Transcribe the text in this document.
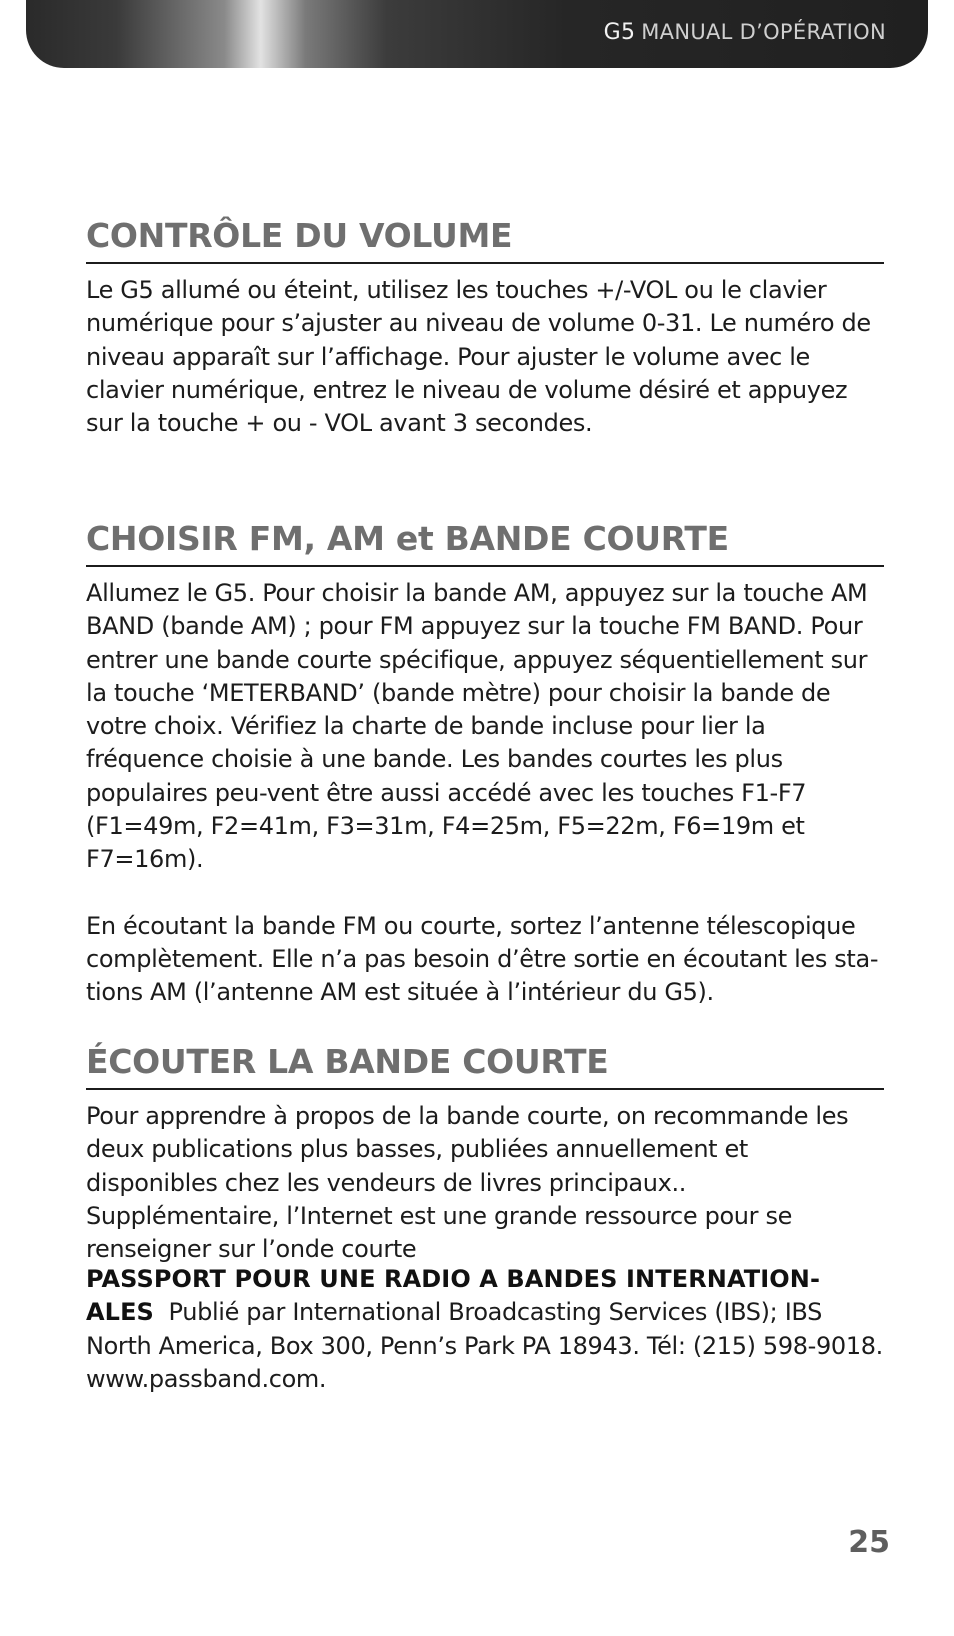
G5 MANUAL D’OPÉRATION
CONTRÔLE DU VOLUME

Le G5 allumé ou éteint, utilisez les touches +/-VOL ou le clavier numérique pour s’ajuster au niveau de volume 0-31. Le numéro de niveau apparaît sur l’affichage. Pour ajuster le volume avec le clavier numérique, entrez le niveau de volume désiré et appuyez sur la touche + ou - VOL avant 3 secondes.

CHOISIR FM, AM et BANDE COURTE

Allumez le G5. Pour choisir la bande AM, appuyez sur la touche AM BAND (bande AM) ; pour FM appuyez sur la touche FM BAND. Pour entrer une bande courte spécifique, appuyez séquentiellement sur la touche ‘METERBAND’ (bande mètre) pour choisir la bande de votre choix. Vérifiez la charte de bande incluse pour lier la fréquence choisie à une bande. Les bandes courtes les plus populaires peu-vent être aussi accédé avec les touches F1-F7 (F1=49m, F2=41m, F3=31m, F4=25m, F5=22m, F6=19m et F7=16m).

En écoutant la bande FM ou courte, sortez l’antenne télescopique complètement. Elle n’a pas besoin d’être sortie en écoutant les sta-tions AM (l’antenne AM est située à l’intérieur du G5).

ÉCOUTER LA BANDE COURTE

Pour apprendre à propos de la bande courte, on recommande les deux publications plus basses, publiées annuellement et disponibles chez les vendeurs de livres principaux.. Supplémentaire, l’Internet est une grande ressource pour se renseigner sur l’onde courte

PASSPORT POUR UNE RADIO A BANDES INTERNATION-ALES Publié par International Broadcasting Services (IBS); IBS North America, Box 300, Penn’s Park PA 18943. Tél: (215) 598-9018. www.passband.com.

25
